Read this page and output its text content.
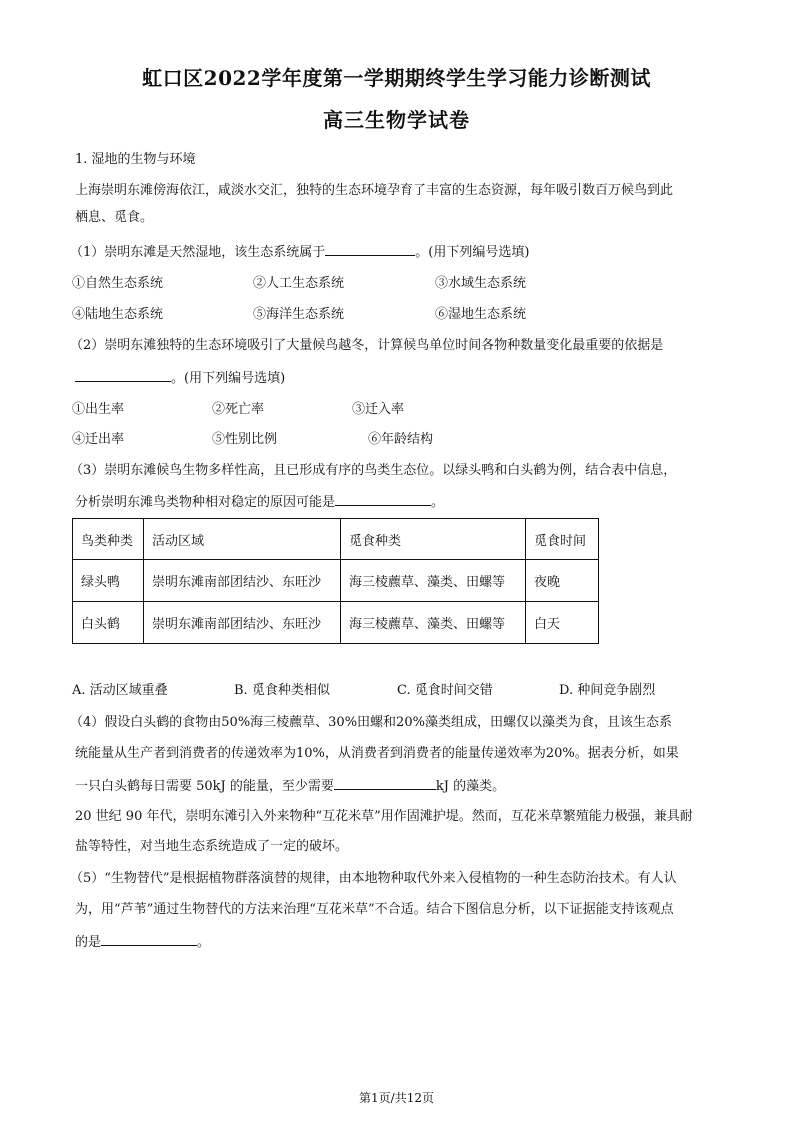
虹口区2022学年度第一学期期终学生学习能力诊断测试
高三生物学试卷
1. 湿地的生物与环境
上海崇明东滩傍海依江，咸淡水交汇，独特的生态环境孕育了丰富的生态资源，每年吸引数百万候鸟到此
栖息、觅食。
（1）崇明东滩是天然湿地，该生态系统属于	。(用下列编号选填)
①自然生态系统	②人工生态系统	③水域生态系统
④陆地生态系统	⑤海洋生态系统	⑥湿地生态系统
（2）崇明东滩独特的生态环境吸引了大量候鸟越冬，计算候鸟单位时间各物种数量变化最重要的依据是
。(用下列编号选填)
①出生率	②死亡率	③迁入率
④迁出率	⑤性别比例	⑥年龄结构
（3）崇明东滩候鸟生物多样性高，且已形成有序的鸟类生态位。以绿头鸭和白头鹤为例，结合表中信息，
分析崇明东滩鸟类物种相对稳定的原因可能是	。
鸟类种类	活动区域	觅食种类	觅食时间
绿头鸭	崇明东滩南部团结沙、东旺沙	海三棱藨草、藻类、田螺等	夜晚
白头鹤	崇明东滩南部团结沙、东旺沙	海三棱藨草、藻类、田螺等	白天
A. 活动区域重叠	B. 觅食种类相似	C. 觅食时间交错	D. 种间竞争剧烈
（4）假设白头鹤的食物由50%海三棱藨草、30%田螺和20%藻类组成，田螺仅以藻类为食，且该生态系
统能量从生产者到消费者的传递效率为10%，从消费者到消费者的能量传递效率为20%。据表分析，如果
一只白头鹤每日需要 50kJ 的能量，至少需要	kJ 的藻类。
20 世纪 90 年代，崇明东滩引入外来物种“互花米草”用作固滩护堤。然而，互花米草繁殖能力极强，兼具耐
盐等特性，对当地生态系统造成了一定的破坏。
（5）“生物替代”是根据植物群落演替的规律，由本地物种取代外来入侵植物的一种生态防治技术。有人认
为，用“芦苇”通过生物替代的方法来治理“互花米草”不合适。结合下图信息分析，以下证据能支持该观点
的是	。
第1页/共12页
